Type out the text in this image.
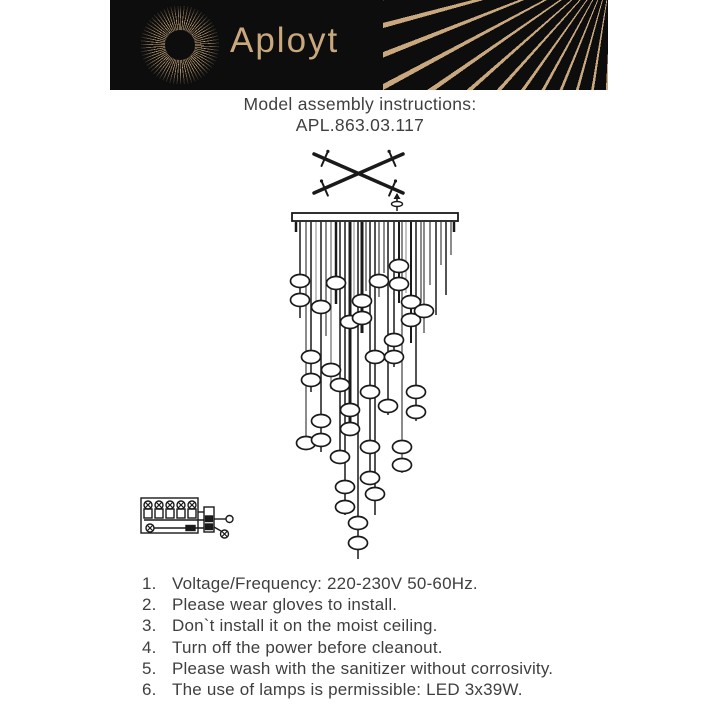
Aployt
Model assembly instructions:
APL.863.03.117
1. Voltage/Frequency: 220-230V 50-60Hz.
2. Please wear gloves to install.
3. Don`t install it on the moist ceiling.
4. Turn off the power before cleanout.
5. Please wash with the sanitizer without corrosivity.
6. The use of lamps is permissible: LED 3x39W.
